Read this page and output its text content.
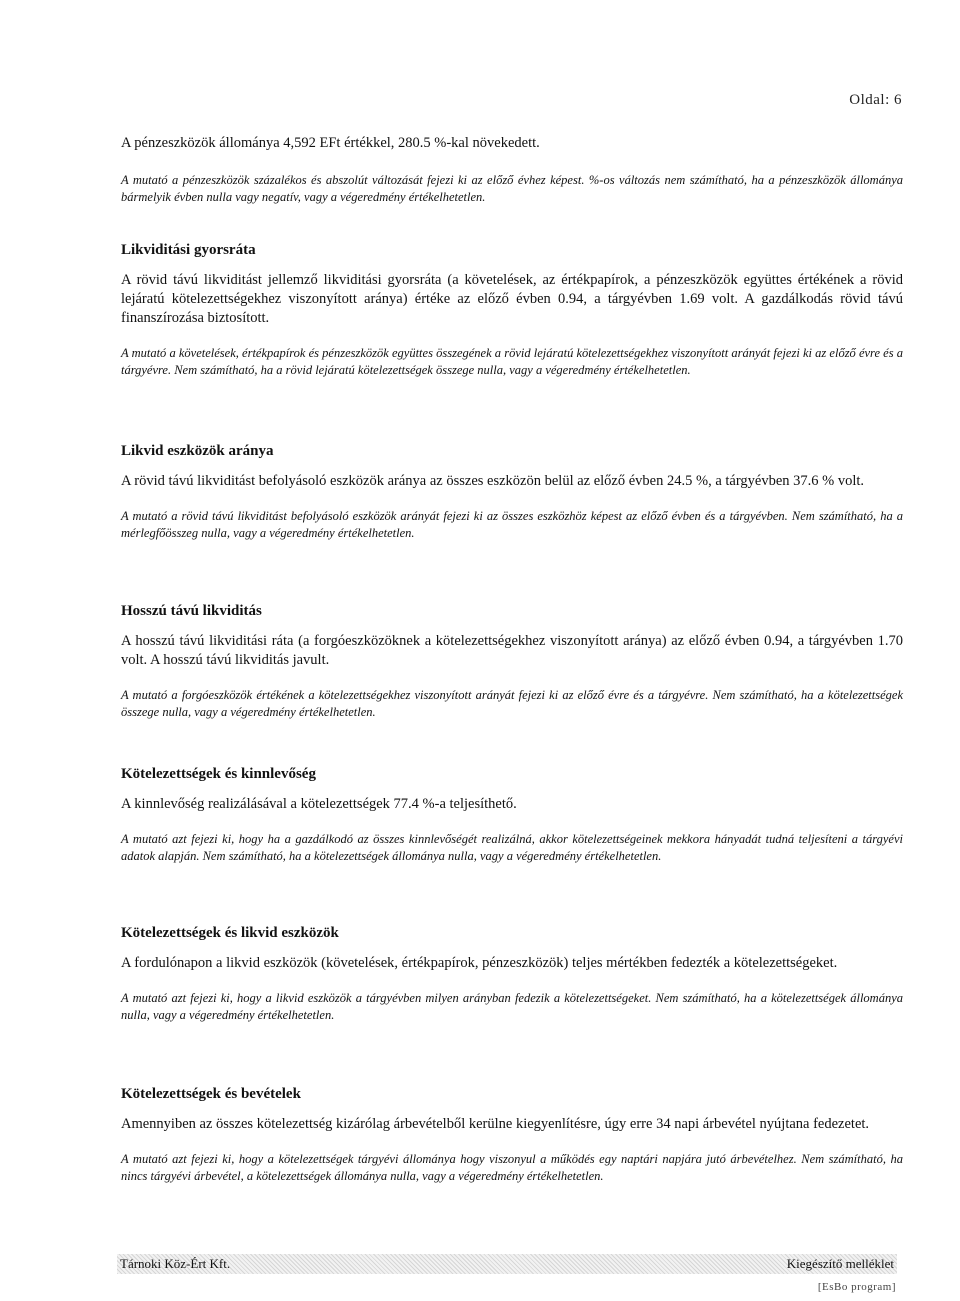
Oldal: 6

A pénzeszközök állománya 4,592 EFt értékkel, 280.5 %-kal növekedett.

A mutató a pénzeszközök százalékos és abszolút változását fejezi ki az előző évhez képest. %-os változás nem számítható, ha a pénzeszközök állománya bármelyik évben nulla vagy negatív, vagy a végeredmény értékelhetetlen.

Likviditási gyorsráta

A rövid távú likviditást jellemző likviditási gyorsráta (a követelések, az értékpapírok, a pénzeszközök együttes értékének a rövid lejáratú kötelezettségekhez viszonyított aránya) értéke az előző évben 0.94, a tárgyévben 1.69 volt. A gazdálkodás rövid távú finanszírozása biztosított.

A mutató a követelések, értékpapírok és pénzeszközök együttes összegének a rövid lejáratú kötelezettségekhez viszonyított arányát fejezi ki az előző évre és a tárgyévre. Nem számítható, ha a rövid lejáratú kötelezettségek összege nulla, vagy a végeredmény értékelhetetlen.

Likvid eszközök aránya

A rövid távú likviditást befolyásoló eszközök aránya az összes eszközön belül az előző évben 24.5 %, a tárgyévben 37.6 % volt.

A mutató a rövid távú likviditást befolyásoló eszközök arányát fejezi ki az összes eszközhöz képest az előző évben és a tárgyévben. Nem számítható, ha a mérlegfőösszeg nulla, vagy a végeredmény értékelhetetlen.

Hosszú távú likviditás

A hosszú távú likviditási ráta (a forgóeszközöknek a kötelezettségekhez viszonyított aránya) az előző évben 0.94, a tárgyévben 1.70 volt. A hosszú távú likviditás javult.

A mutató a forgóeszközök értékének a kötelezettségekhez viszonyított arányát fejezi ki az előző évre és a tárgyévre. Nem számítható, ha a kötelezettségek összege nulla, vagy a végeredmény értékelhetetlen.

Kötelezettségek és kinnlevőség

A kinnlevőség realizálásával a kötelezettségek 77.4 %-a teljesíthető.

A mutató azt fejezi ki, hogy ha a gazdálkodó az összes kinnlevőségét realizálná, akkor kötelezettségeinek mekkora hányadát tudná teljesíteni a tárgyévi adatok alapján. Nem számítható, ha a kötelezettségek állománya nulla, vagy a végeredmény értékelhetetlen.

Kötelezettségek és likvid eszközök

A fordulónapon a likvid eszközök (követelések, értékpapírok, pénzeszközök) teljes mértékben fedezték a kötelezettségeket.

A mutató azt fejezi ki, hogy a likvid eszközök a tárgyévben milyen arányban fedezik a kötelezettségeket. Nem számítható, ha a kötelezettségek állománya nulla, vagy a végeredmény értékelhetetlen.

Kötelezettségek és bevételek

Amennyiben az összes kötelezettség kizárólag árbevételből kerülne kiegyenlítésre, úgy erre 34 napi árbevétel nyújtana fedezetet.

A mutató azt fejezi ki, hogy a kötelezettségek tárgyévi állománya hogy viszonyul a működés egy naptári napjára jutó árbevételhez. Nem számítható, ha nincs tárgyévi árbevétel, a kötelezettségek állománya nulla, vagy a végeredmény értékelhetetlen.

Tárnoki Köz-Ért Kft.	Kiegészítő melléklet
[EsBo program]
